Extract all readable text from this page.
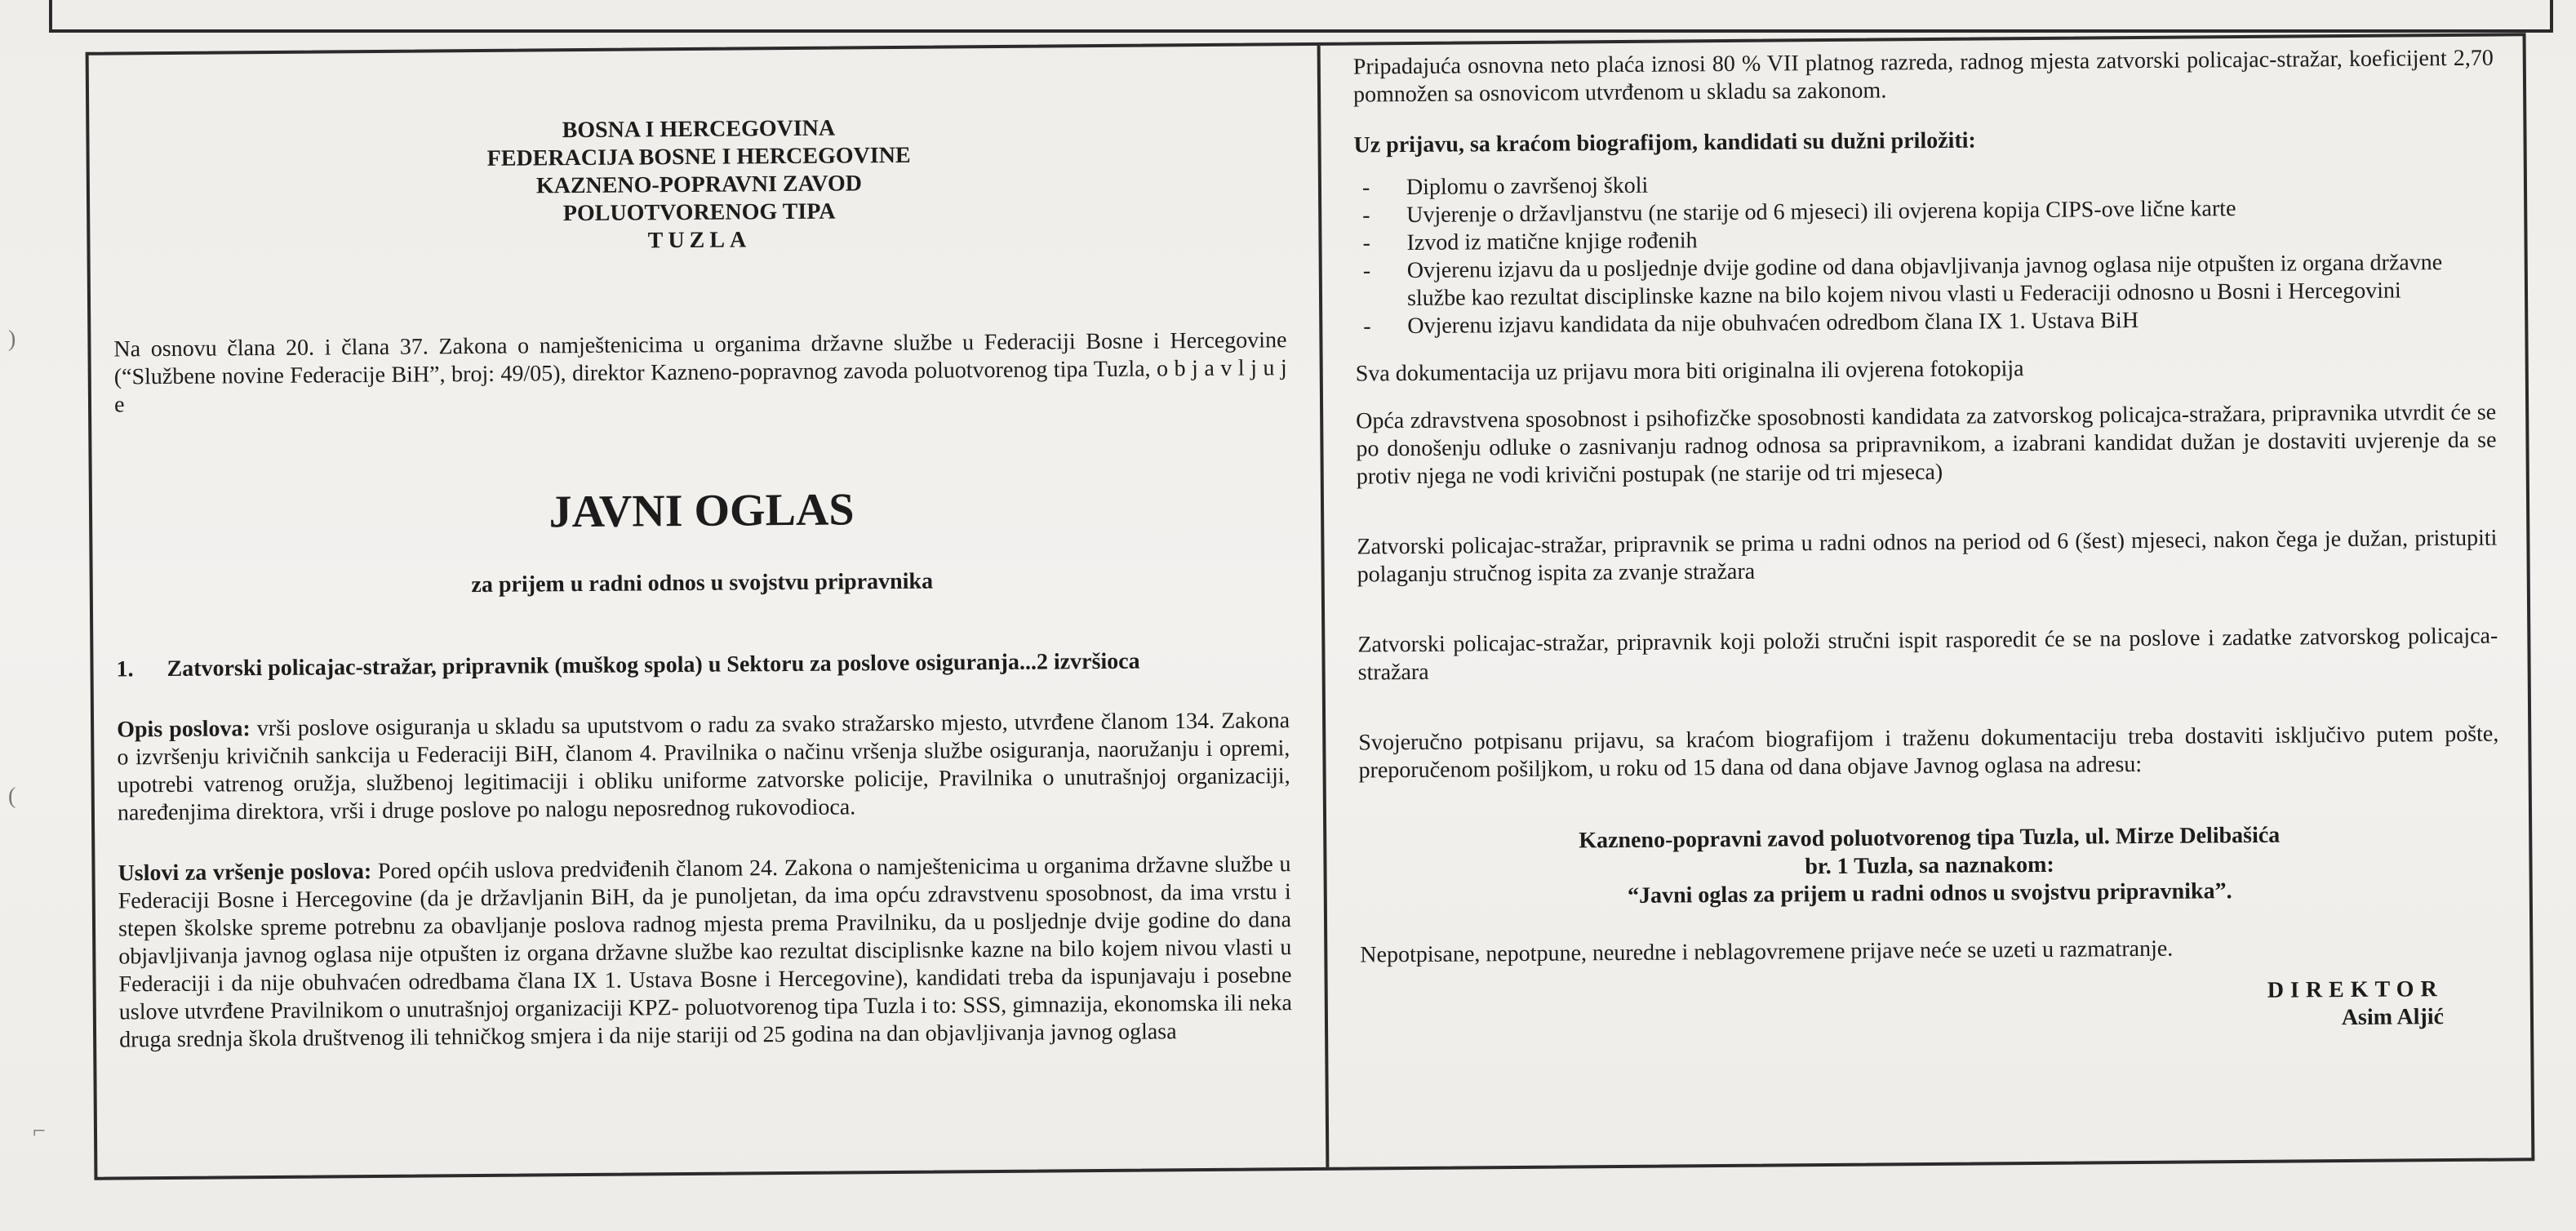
BOSNA I HERCEGOVINA
FEDERACIJA BOSNE I HERCEGOVINE
KAZNENO-POPRAVNI ZAVOD
POLUOTVORENOG TIPA
TUZLA

Na osnovu člana 20. i člana 37. Zakona o namještenicima u organima državne službe u Federaciji Bosne i Hercegovine (“Službene novine Federacije BiH”, broj: 49/05), direktor Kazneno-popravnog zavoda poluotvorenog tipa Tuzla, o b j a v l j u j e

JAVNI OGLAS
za prijem u radni odnos u svojstvu pripravnika
1. Zatvorski policajac-stražar, pripravnik (muškog spola) u Sektoru za poslove osiguranja...2 izvršioca

Opis poslova: vrši poslove osiguranja u skladu sa uputstvom o radu za svako stražarsko mjesto, utvrđene članom 134. Zakona o izvršenju krivičnih sankcija u Federaciji BiH, članom 4. Pravilnika o načinu vršenja službe osiguranja, naoružanju i opremi, upotrebi vatrenog oružja, službenoj legitimaciji i obliku uniforme zatvorske policije, Pravilnika o unutrašnjoj organizaciji, naređenjima direktora, vrši i druge poslove po nalogu neposrednog rukovodioca.

Uslovi za vršenje poslova: Pored općih uslova predviđenih članom 24. Zakona o namještenicima u organima državne službe u Federaciji Bosne i Hercegovine (da je državljanin BiH, da je punoljetan, da ima opću zdravstvenu sposobnost, da ima vrstu i stepen školske spreme potrebnu za obavljanje poslova radnog mjesta prema Pravilniku, da u posljednje dvije godine do dana objavljivanja javnog oglasa nije otpušten iz organa državne službe kao rezultat disciplisnke kazne na bilo kojem nivou vlasti u Federaciji i da nije obuhvaćen odredbama člana IX 1. Ustava Bosne i Hercegovine), kandidati treba da ispunjavaju i posebne uslove utvrđene Pravilnikom o unutrašnjoj organizaciji KPZ- poluotvorenog tipa Tuzla i to: SSS, gimnazija, ekonomska ili neka druga srednja škola društvenog ili tehničkog smjera i da nije stariji od 25 godina na dan objavljivanja javnog oglasa

Pripadajuća osnovna neto plaća iznosi 80 % VII platnog razreda, radnog mjesta zatvorski policajac-stražar, koeficijent 2,70 pomnožen sa osnovicom utvrđenom u skladu sa zakonom.

Uz prijavu, sa kraćom biografijom, kandidati su dužni priložiti:

- Diplomu o završenoj školi
- Uvjerenje o državljanstvu (ne starije od 6 mjeseci) ili ovjerena kopija CIPS-ove lične karte
- Izvod iz matične knjige rođenih
- Ovjerenu izjavu da u posljednje dvije godine od dana objavljivanja javnog oglasa nije otpušten iz organa državne službe kao rezultat disciplinske kazne na bilo kojem nivou vlasti u Federaciji odnosno u Bosni i Hercegovini
- Ovjerenu izjavu kandidata da nije obuhvaćen odredbom člana IX 1. Ustava BiH

Sva dokumentacija uz prijavu mora biti originalna ili ovjerena fotokopija

Opća zdravstvena sposobnost i psihofizčke sposobnosti kandidata za zatvorskog policajca-stražara, pripravnika utvrdit će se po donošenju odluke o zasnivanju radnog odnosa sa pripravnikom, a izabrani kandidat dužan je dostaviti uvjerenje da se protiv njega ne vodi krivični postupak (ne starije od tri mjeseca)

Zatvorski policajac-stražar, pripravnik se prima u radni odnos na period od 6 (šest) mjeseci, nakon čega je dužan, pristupiti polaganju stručnog ispita za zvanje stražara

Zatvorski policajac-stražar, pripravnik koji položi stručni ispit rasporedit će se na poslove i zadatke zatvorskog policajca-stražara

Svojeručno potpisanu prijavu, sa kraćom biografijom i traženu dokumentaciju treba dostaviti isključivo putem pošte, preporučenom pošiljkom, u roku od 15 dana od dana objave Javnog oglasa na adresu:

Kazneno-popravni zavod poluotvorenog tipa Tuzla, ul. Mirze Delibašića
br. 1 Tuzla, sa naznakom:
“Javni oglas za prijem u radni odnos u svojstvu pripravnika”.

Nepotpisane, nepotpune, neuredne i neblagovremene prijave neće se uzeti u razmatranje.

DIREKTOR
Asim Aljić
)
(
⌐
